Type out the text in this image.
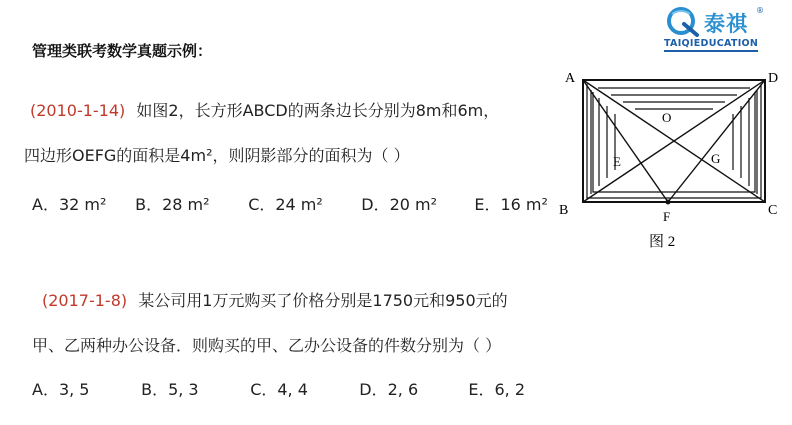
泰祺
®
TAIQIEDUCATION
管理类联考数学真题示例：
(2010-1-14) 如图2，长方形ABCD的两条边长分别为8m和6m，
四边形OEFG的面积是4m²，则阴影部分的面积为（ ）
A．32 m² B．28 m² C．24 m² D．20 m² E．16 m²
(2017-1-8) 某公司用1万元购买了价格分别是1750元和950元的
甲、乙两种办公设备．则购买的甲、乙办公设备的件数分别为（ ）
A．3, 5	B．5, 3	C．4, 4	D．2, 6	E．6, 2
A	D
B	C
O
E	G
F
图 2
